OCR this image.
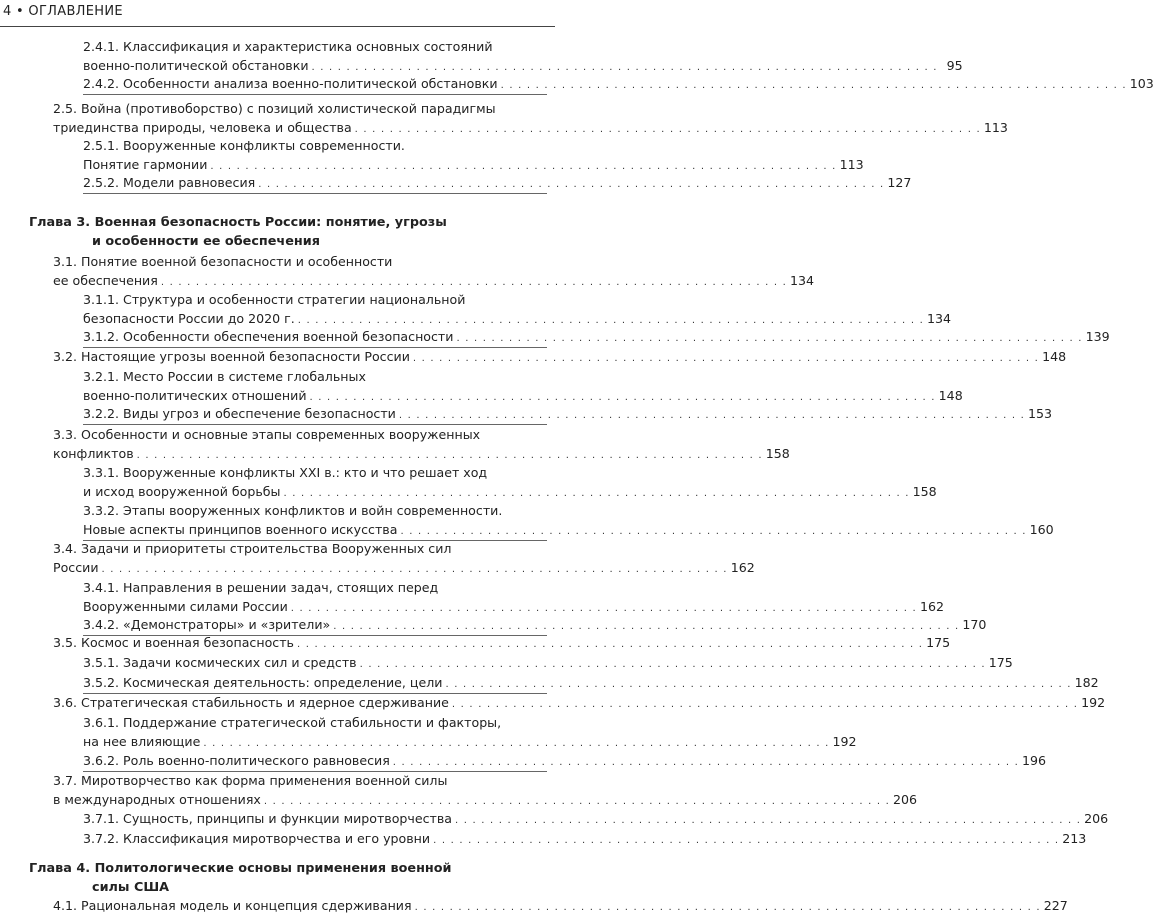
4 • ОГЛАВЛЕНИЕ
Глава 3. Военная безопасность России: понятие, угрозы
и особенности ее обеспечения
Глава 4. Политологические основы применения военной
силы США
2.4.1. Классификация и характеристика основных состояний
военно-политической обстановки . . . . . . . . . . . . . . . . . . . . . . . . . . . . . . . . . . . . . . . . . . . . . . . . . . . . . . . . . . . . . . . . . . . . . . . . 95
2.4.2. Особенности анализа военно-политической обстановки . . . . . . . . . . . . . . . . . . . . . . . . . . . . . . . . . . . . . . . . . . . . . . . . . . . . . . . . . . . . . . . . . . . . . . . . 103
2.5. Война (противоборство) с позиций холистической парадигмы
триединства природы, человека и общества . . . . . . . . . . . . . . . . . . . . . . . . . . . . . . . . . . . . . . . . . . . . . . . . . . . . . . . . . . . . . . . . . . . . . . . . 113
2.5.1. Вооруженные конфликты современности.
Понятие гармонии . . . . . . . . . . . . . . . . . . . . . . . . . . . . . . . . . . . . . . . . . . . . . . . . . . . . . . . . . . . . . . . . . . . . . . . . 113
2.5.2. Модели равновесия . . . . . . . . . . . . . . . . . . . . . . . . . . . . . . . . . . . . . . . . . . . . . . . . . . . . . . . . . . . . . . . . . . . . . . . . 127
3.1. Понятие военной безопасности и особенности
ее обеспечения . . . . . . . . . . . . . . . . . . . . . . . . . . . . . . . . . . . . . . . . . . . . . . . . . . . . . . . . . . . . . . . . . . . . . . . . 134
3.1.1. Структура и особенности стратегии национальной
безопасности России до 2020 г. . . . . . . . . . . . . . . . . . . . . . . . . . . . . . . . . . . . . . . . . . . . . . . . . . . . . . . . . . . . . . . . . . . . . . . . . 134
3.1.2. Особенности обеспечения военной безопасности . . . . . . . . . . . . . . . . . . . . . . . . . . . . . . . . . . . . . . . . . . . . . . . . . . . . . . . . . . . . . . . . . . . . . . . . 139
3.2. Настоящие угрозы военной безопасности России . . . . . . . . . . . . . . . . . . . . . . . . . . . . . . . . . . . . . . . . . . . . . . . . . . . . . . . . . . . . . . . . . . . . . . . . 148
3.2.1. Место России в системе глобальных
военно-политических отношений . . . . . . . . . . . . . . . . . . . . . . . . . . . . . . . . . . . . . . . . . . . . . . . . . . . . . . . . . . . . . . . . . . . . . . . . 148
3.2.2. Виды угроз и обеспечение безопасности . . . . . . . . . . . . . . . . . . . . . . . . . . . . . . . . . . . . . . . . . . . . . . . . . . . . . . . . . . . . . . . . . . . . . . . . 153
3.3. Особенности и основные этапы современных вооруженных
конфликтов . . . . . . . . . . . . . . . . . . . . . . . . . . . . . . . . . . . . . . . . . . . . . . . . . . . . . . . . . . . . . . . . . . . . . . . . 158
3.3.1. Вооруженные конфликты XXI в.: кто и что решает ход
и исход вооруженной борьбы . . . . . . . . . . . . . . . . . . . . . . . . . . . . . . . . . . . . . . . . . . . . . . . . . . . . . . . . . . . . . . . . . . . . . . . . 158
3.3.2. Этапы вооруженных конфликтов и войн современности.
Новые аспекты принципов военного искусства . . . . . . . . . . . . . . . . . . . . . . . . . . . . . . . . . . . . . . . . . . . . . . . . . . . . . . . . . . . . . . . . . . . . . . . . 160
3.4. Задачи и приоритеты строительства Вооруженных сил
России . . . . . . . . . . . . . . . . . . . . . . . . . . . . . . . . . . . . . . . . . . . . . . . . . . . . . . . . . . . . . . . . . . . . . . . . 162
3.4.1. Направления в решении задач, стоящих перед
Вооруженными силами России . . . . . . . . . . . . . . . . . . . . . . . . . . . . . . . . . . . . . . . . . . . . . . . . . . . . . . . . . . . . . . . . . . . . . . . . 162
3.4.2. «Демонстраторы» и «зрители» . . . . . . . . . . . . . . . . . . . . . . . . . . . . . . . . . . . . . . . . . . . . . . . . . . . . . . . . . . . . . . . . . . . . . . . . 170
3.5. Космос и военная безопасность . . . . . . . . . . . . . . . . . . . . . . . . . . . . . . . . . . . . . . . . . . . . . . . . . . . . . . . . . . . . . . . . . . . . . . . . 175
3.5.1. Задачи космических сил и средств . . . . . . . . . . . . . . . . . . . . . . . . . . . . . . . . . . . . . . . . . . . . . . . . . . . . . . . . . . . . . . . . . . . . . . . . 175
3.5.2. Космическая деятельность: определение, цели . . . . . . . . . . . . . . . . . . . . . . . . . . . . . . . . . . . . . . . . . . . . . . . . . . . . . . . . . . . . . . . . . . . . . . . . 182
3.6. Стратегическая стабильность и ядерное сдерживание . . . . . . . . . . . . . . . . . . . . . . . . . . . . . . . . . . . . . . . . . . . . . . . . . . . . . . . . . . . . . . . . . . . . . . . . 192
3.6.1. Поддержание стратегической стабильности и факторы,
на нее влияющие . . . . . . . . . . . . . . . . . . . . . . . . . . . . . . . . . . . . . . . . . . . . . . . . . . . . . . . . . . . . . . . . . . . . . . . . 192
3.6.2. Роль военно-политического равновесия . . . . . . . . . . . . . . . . . . . . . . . . . . . . . . . . . . . . . . . . . . . . . . . . . . . . . . . . . . . . . . . . . . . . . . . . 196
3.7. Миротворчество как форма применения военной силы
в международных отношениях . . . . . . . . . . . . . . . . . . . . . . . . . . . . . . . . . . . . . . . . . . . . . . . . . . . . . . . . . . . . . . . . . . . . . . . . 206
3.7.1. Сущность, принципы и функции миротворчества . . . . . . . . . . . . . . . . . . . . . . . . . . . . . . . . . . . . . . . . . . . . . . . . . . . . . . . . . . . . . . . . . . . . . . . . 206
3.7.2. Классификация миротворчества и его уровни . . . . . . . . . . . . . . . . . . . . . . . . . . . . . . . . . . . . . . . . . . . . . . . . . . . . . . . . . . . . . . . . . . . . . . . . 213
4.1. Рациональная модель и концепция сдерживания . . . . . . . . . . . . . . . . . . . . . . . . . . . . . . . . . . . . . . . . . . . . . . . . . . . . . . . . . . . . . . . . . . . . . . . . 227
